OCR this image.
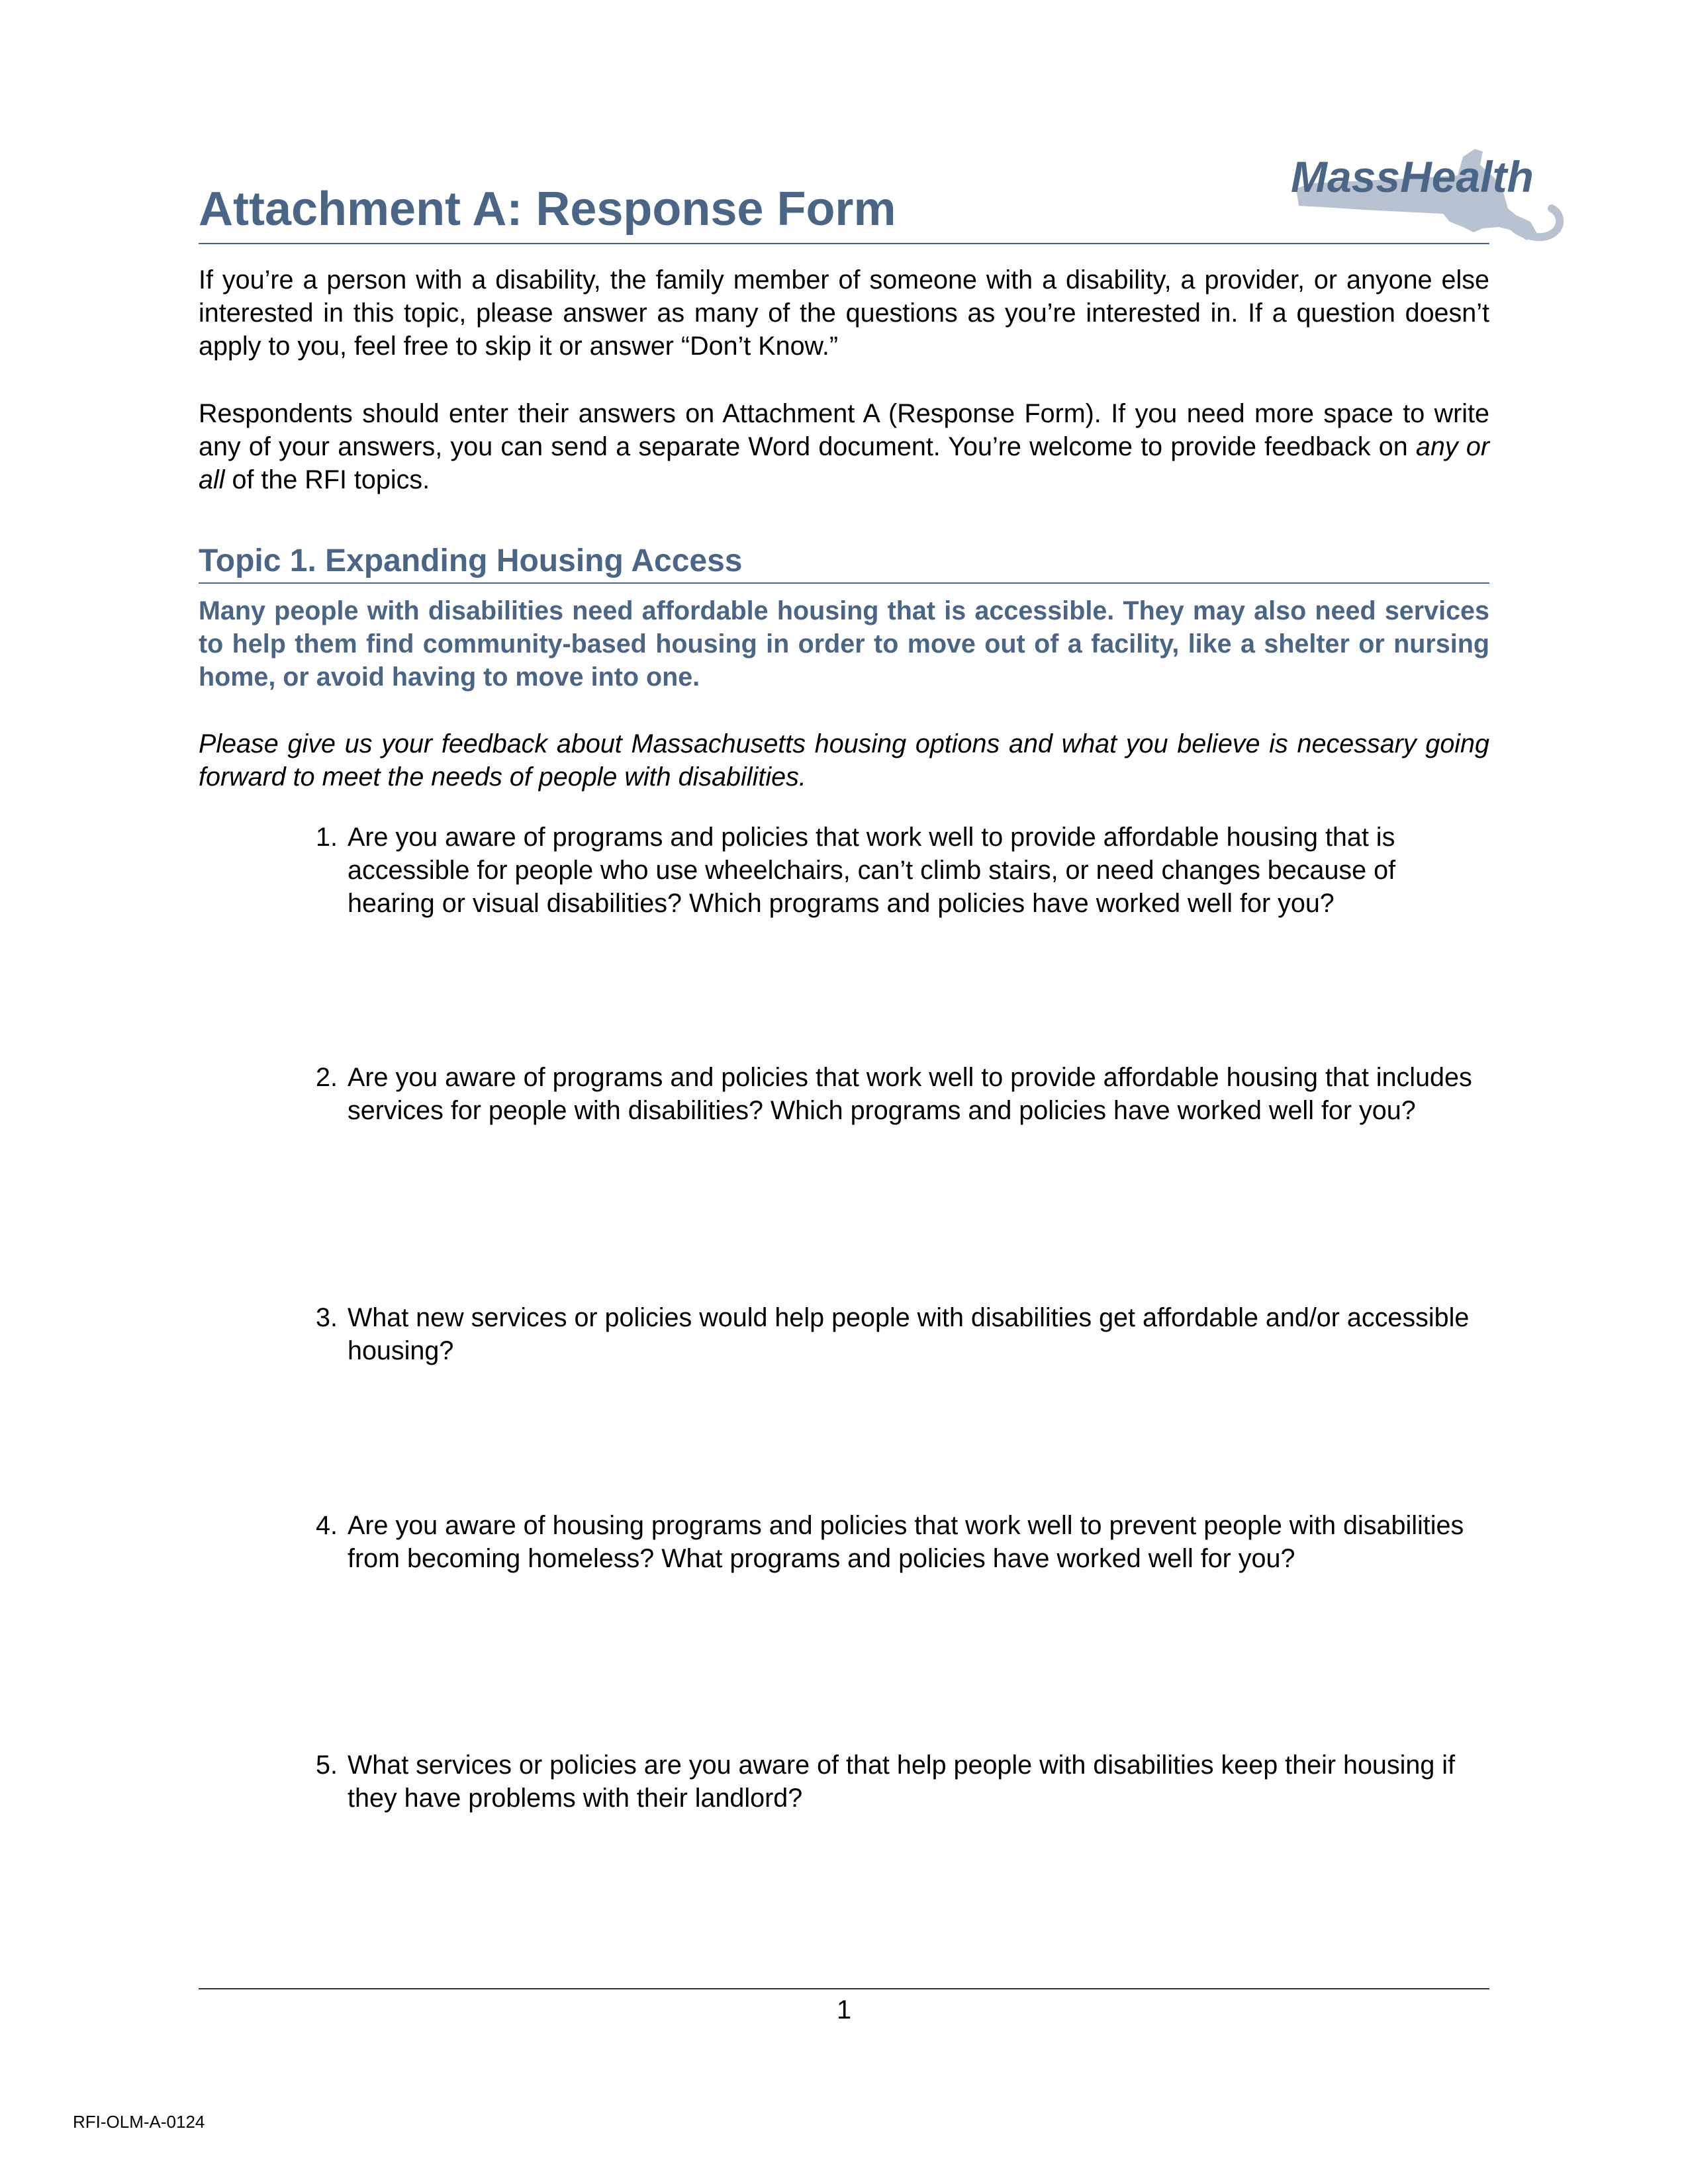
MassHealth
Attachment A: Response Form

If you’re a person with a disability, the family member of someone with a disability, a provider, or anyone else interested in this topic, please answer as many of the questions as you’re interested in. If a question doesn’t apply to you, feel free to skip it or answer “Don’t Know.”

Respondents should enter their answers on Attachment A (Response Form). If you need more space to write any of your answers, you can send a separate Word document. You’re welcome to provide feedback on any or all of the RFI topics.

Topic 1. Expanding Housing Access

Many people with disabilities need affordable housing that is accessible. They may also need services to help them find community-based housing in order to move out of a facility, like a shelter or nursing home, or avoid having to move into one.

Please give us your feedback about Massachusetts housing options and what you believe is necessary going forward to meet the needs of people with disabilities.

1. Are you aware of programs and policies that work well to provide affordable housing that is accessible for people who use wheelchairs, can’t climb stairs, or need changes because of hearing or visual disabilities? Which programs and policies have worked well for you?

2. Are you aware of programs and policies that work well to provide affordable housing that includes services for people with disabilities? Which programs and policies have worked well for you?

3. What new services or policies would help people with disabilities get affordable and/or accessible housing?

4. Are you aware of housing programs and policies that work well to prevent people with disabilities from becoming homeless? What programs and policies have worked well for you?

5. What services or policies are you aware of that help people with disabilities keep their housing if they have problems with their landlord?

1
RFI-OLM-A-0124
